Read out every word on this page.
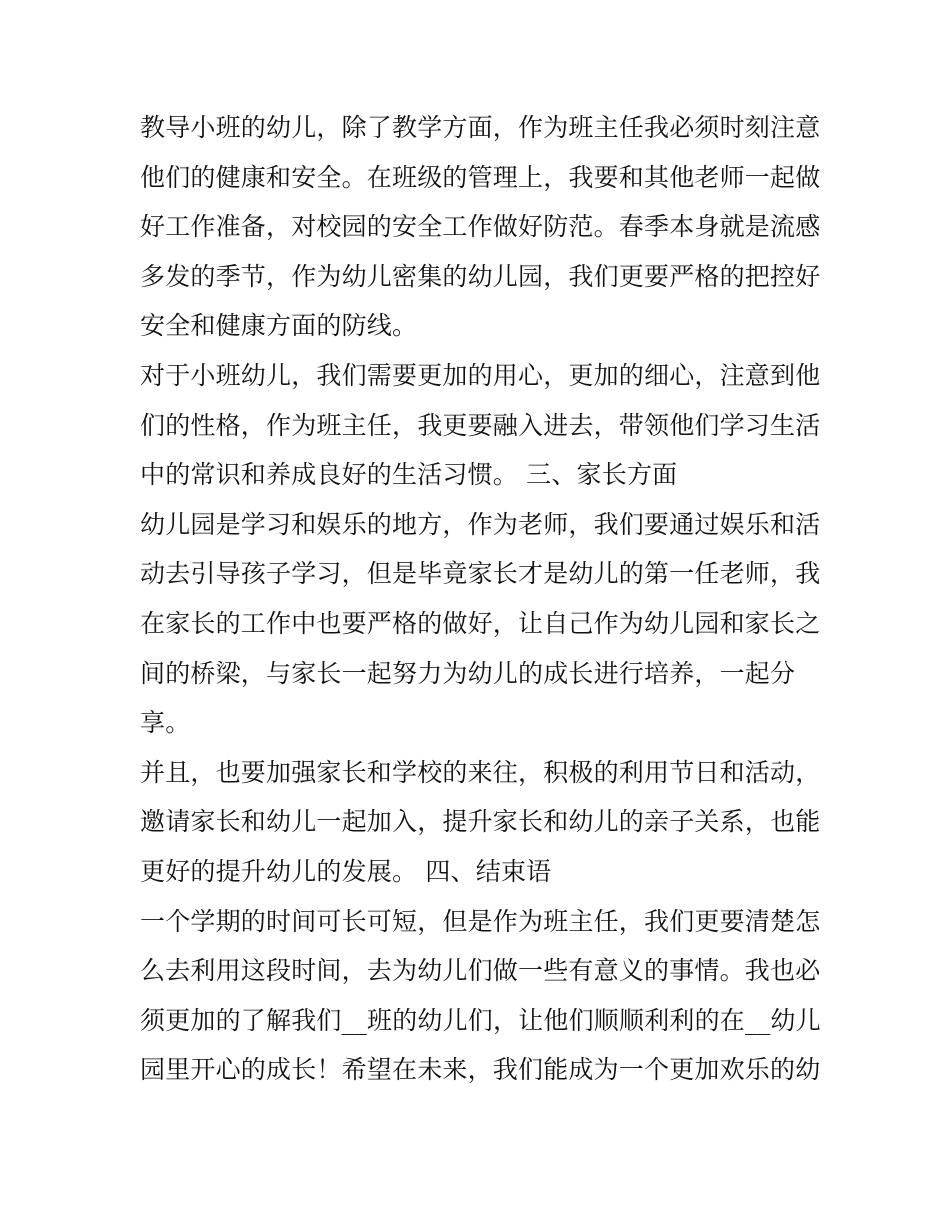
教导小班的幼儿，除了教学方面，作为班主任我必须时刻注意
他们的健康和安全。在班级的管理上，我要和其他老师一起做
好工作准备，对校园的安全工作做好防范。春季本身就是流感
多发的季节，作为幼儿密集的幼儿园，我们更要严格的把控好
安全和健康方面的防线。
对于小班幼儿，我们需要更加的用心，更加的细心，注意到他
们的性格，作为班主任，我更要融入进去，带领他们学习生活
中的常识和养成良好的生活习惯。 三、家长方面
幼儿园是学习和娱乐的地方，作为老师，我们要通过娱乐和活
动去引导孩子学习，但是毕竟家长才是幼儿的第一任老师，我
在家长的工作中也要严格的做好，让自己作为幼儿园和家长之
间的桥梁，与家长一起努力为幼儿的成长进行培养，一起分
享。
并且，也要加强家长和学校的来往，积极的利用节日和活动，
邀请家长和幼儿一起加入，提升家长和幼儿的亲子关系，也能
更好的提升幼儿的发展。 四、结束语
一个学期的时间可长可短，但是作为班主任，我们更要清楚怎
么去利用这段时间，去为幼儿们做一些有意义的事情。我也必
须更加的了解我们__班的幼儿们，让他们顺顺利利的在__幼儿
园里开心的成长！希望在未来，我们能成为一个更加欢乐的幼
